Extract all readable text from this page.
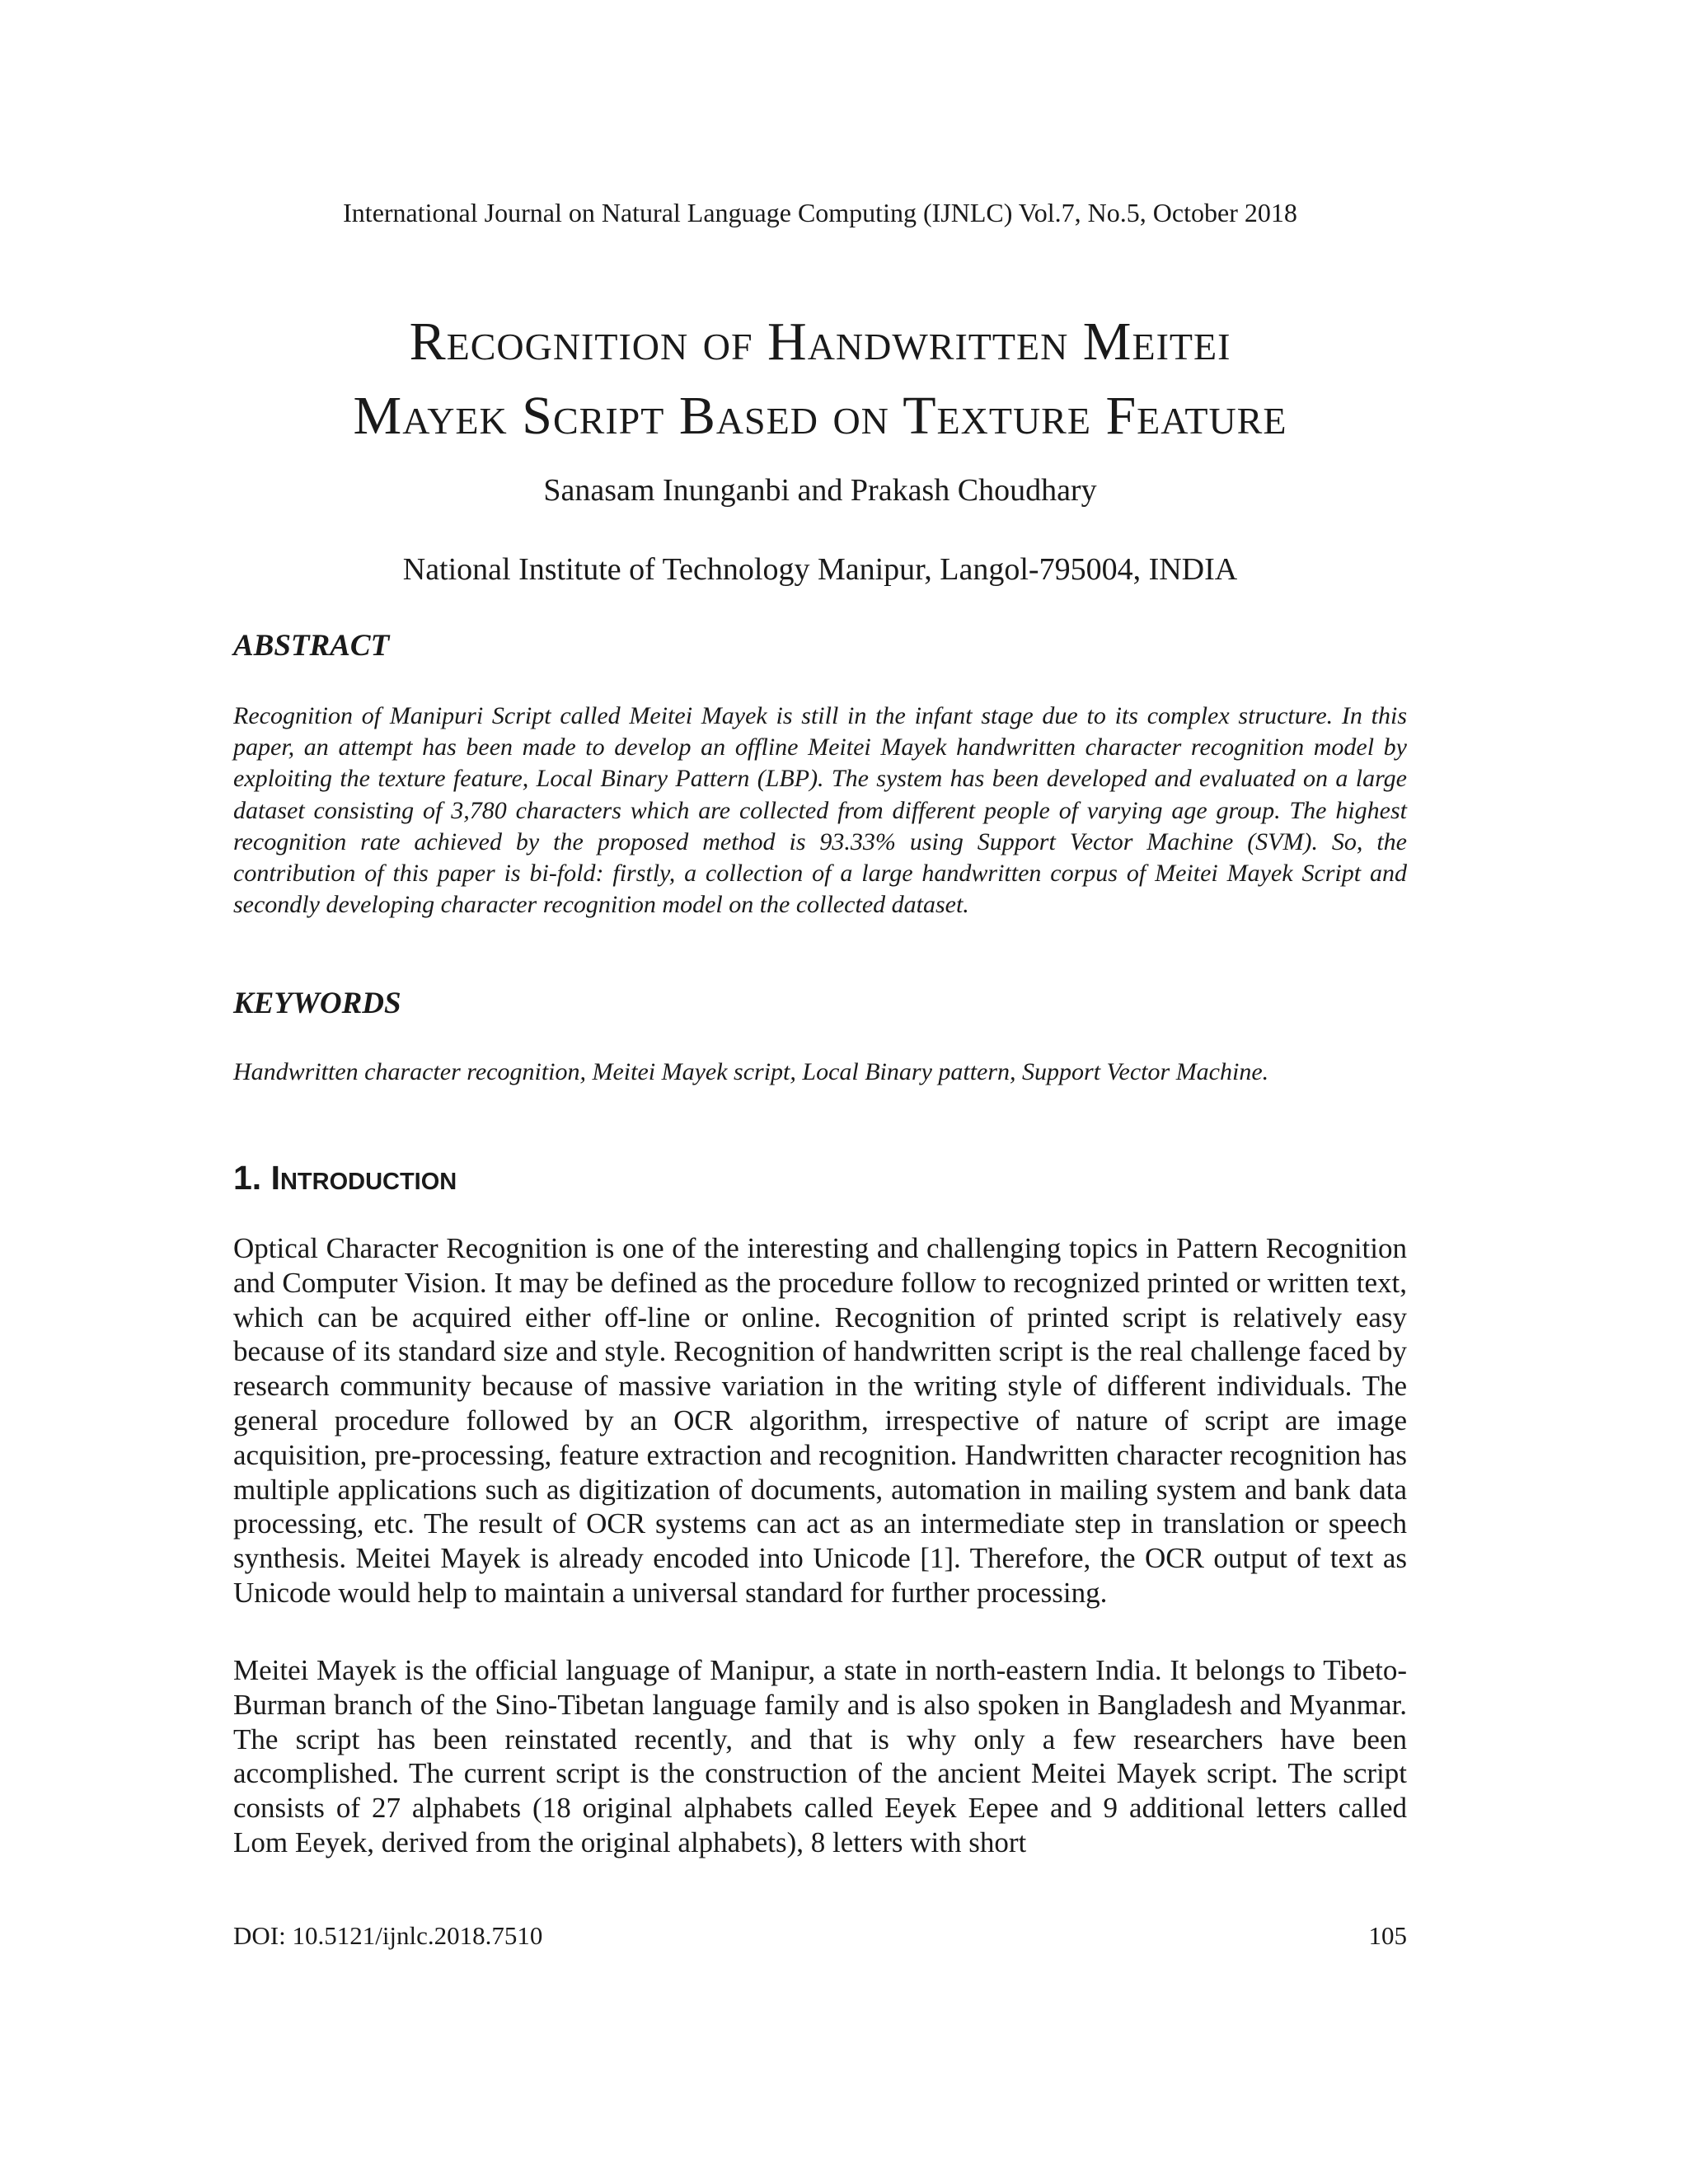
International Journal on Natural Language Computing (IJNLC) Vol.7, No.5, October 2018
Recognition of Handwritten Meitei
Mayek Script Based on Texture Feature
Sanasam Inunganbi and Prakash Choudhary
National Institute of Technology Manipur, Langol-795004, INDIA
ABSTRACT
Recognition of Manipuri Script called Meitei Mayek is still in the infant stage due to its complex structure. In this paper, an attempt has been made to develop an offline Meitei Mayek handwritten character recognition model by exploiting the texture feature, Local Binary Pattern (LBP). The system has been developed and evaluated on a large dataset consisting of 3,780 characters which are collected from different people of varying age group. The highest recognition rate achieved by the proposed method is 93.33% using Support Vector Machine (SVM). So, the contribution of this paper is bi-fold: firstly, a collection of a large handwritten corpus of Meitei Mayek Script and secondly developing character recognition model on the collected dataset.
KEYWORDS
Handwritten character recognition, Meitei Mayek script, Local Binary pattern, Support Vector Machine.
1. Introduction
Optical Character Recognition is one of the interesting and challenging topics in Pattern Recognition and Computer Vision. It may be defined as the procedure follow to recognized printed or written text, which can be acquired either off-line or online. Recognition of printed script is relatively easy because of its standard size and style. Recognition of handwritten script is the real challenge faced by research community because of massive variation in the writing style of different individuals. The general procedure followed by an OCR algorithm, irrespective of nature of script are image acquisition, pre-processing, feature extraction and recognition. Handwritten character recognition has multiple applications such as digitization of documents, automation in mailing system and bank data processing, etc. The result of OCR systems can act as an intermediate step in translation or speech synthesis. Meitei Mayek is already encoded into Unicode [1]. Therefore, the OCR output of text as Unicode would help to maintain a universal standard for further processing.
Meitei Mayek is the official language of Manipur, a state in north-eastern India. It belongs to Tibeto-Burman branch of the Sino-Tibetan language family and is also spoken in Bangladesh and Myanmar. The script has been reinstated recently, and that is why only a few researchers have been accomplished. The current script is the construction of the ancient Meitei Mayek script. The script consists of 27 alphabets (18 original alphabets called Eeyek Eepee and 9 additional letters called Lom Eeyek, derived from the original alphabets), 8 letters with short
DOI: 10.5121/ijnlc.2018.7510	105
